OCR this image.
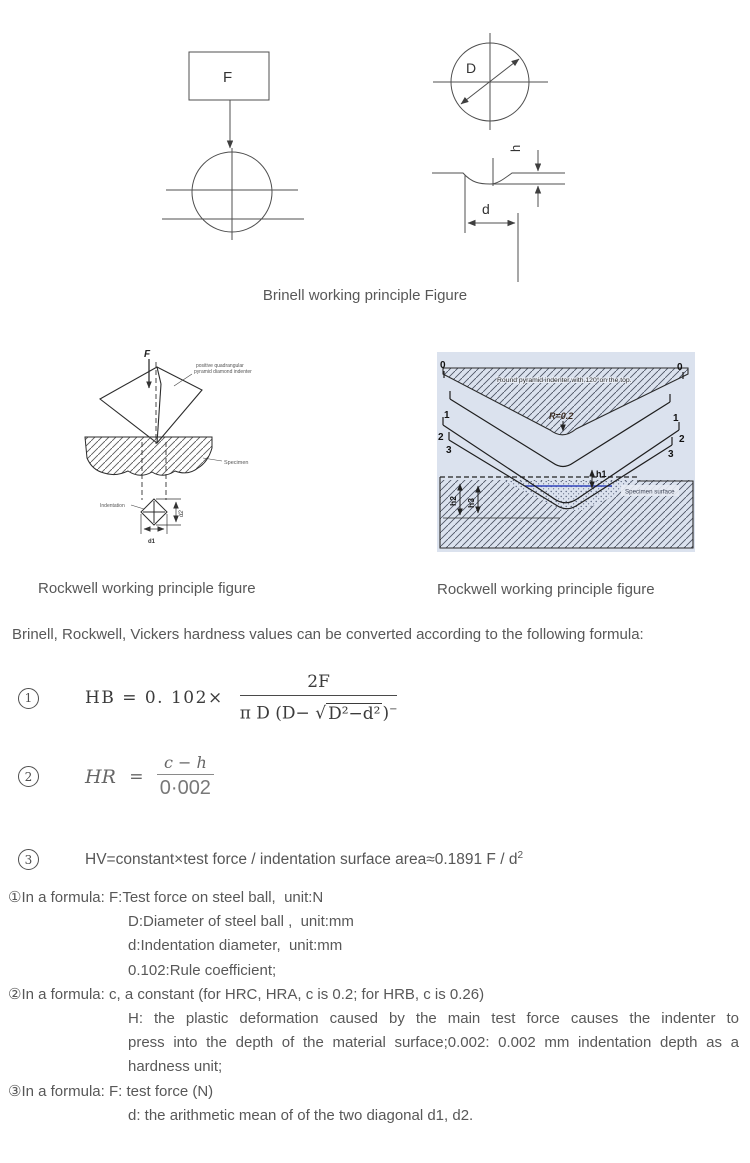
F
D
h
d
Brinell working principle Figure
F
positive quadrangular
pyramid diamond indenter
Specimen
d2
d1
Indentation
Rockwell working principle figure
Round pyramid indenter with 120°on the top.
R=0.2
h2 h3
h1
Specimen surface
0	0
1	1
2	2
3	3
Rockwell working principle figure
Brinell, Rockwell, Vickers hardness values can be converted according to the following formula:
1	HB = 0. $102\times \frac{2F}{\pi D (D- √ D^2-d^2 )^-}$
2	HR = $\frac{c - h}{0\cdot 002}$
3	HV=constant×test force / indentation surface area≈0.1891 F / $d^2$
①In a formula: F:Test force on steel ball,  unit:N
D:Diameter of steel ball ,  unit:mm
d:Indentation diameter,  unit:mm
0.102:Rule coefficient;
②In a formula: c, a constant (for HRC, HRA, c is 0.2; for HRB, c is 0.26)
H: the plastic deformation caused by the main test force causes the indenter to
press into the depth of the material surface;0.002: 0.002 mm indentation depth as a
hardness unit;
③In a formula: F: test force (N)
d: the arithmetic mean of of the two diagonal d1, d2.
